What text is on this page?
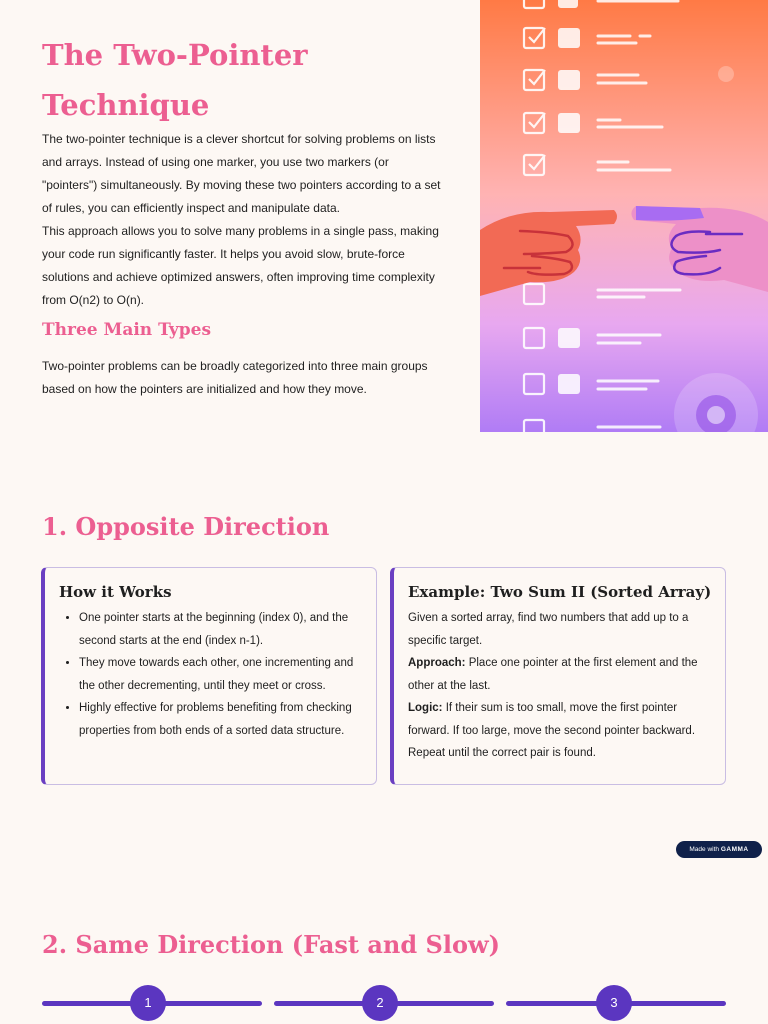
The Two-Pointer Technique

The two-pointer technique is a clever shortcut for solving problems on lists and arrays. Instead of using one marker, you use two markers (or "pointers") simultaneously. By moving these two pointers according to a set of rules, you can efficiently inspect and manipulate data.

This approach allows you to solve many problems in a single pass, making your code run significantly faster. It helps you avoid slow, brute-force solutions and achieve optimized answers, often improving time complexity from O(n2) to O(n).

Three Main Types

Two-pointer problems can be broadly categorized into three main groups based on how the pointers are initialized and how they move.

1. Opposite Direction
How it Works
• One pointer starts at the beginning (index 0), and the second starts at the end (index n-1).
• They move towards each other, one incrementing and the other decrementing, until they meet or cross.
• Highly effective for problems benefiting from checking properties from both ends of a sorted data structure.
Example: Two Sum II (Sorted Array)

Given a sorted array, find two numbers that add up to a specific target.

Approach: Place one pointer at the first element and the other at the last.

Logic: If their sum is too small, move the first pointer forward. If too large, move the second pointer backward. Repeat until the correct pair is found.

Made with GAMMA
2. Same Direction (Fast and Slow)
1	2	3
